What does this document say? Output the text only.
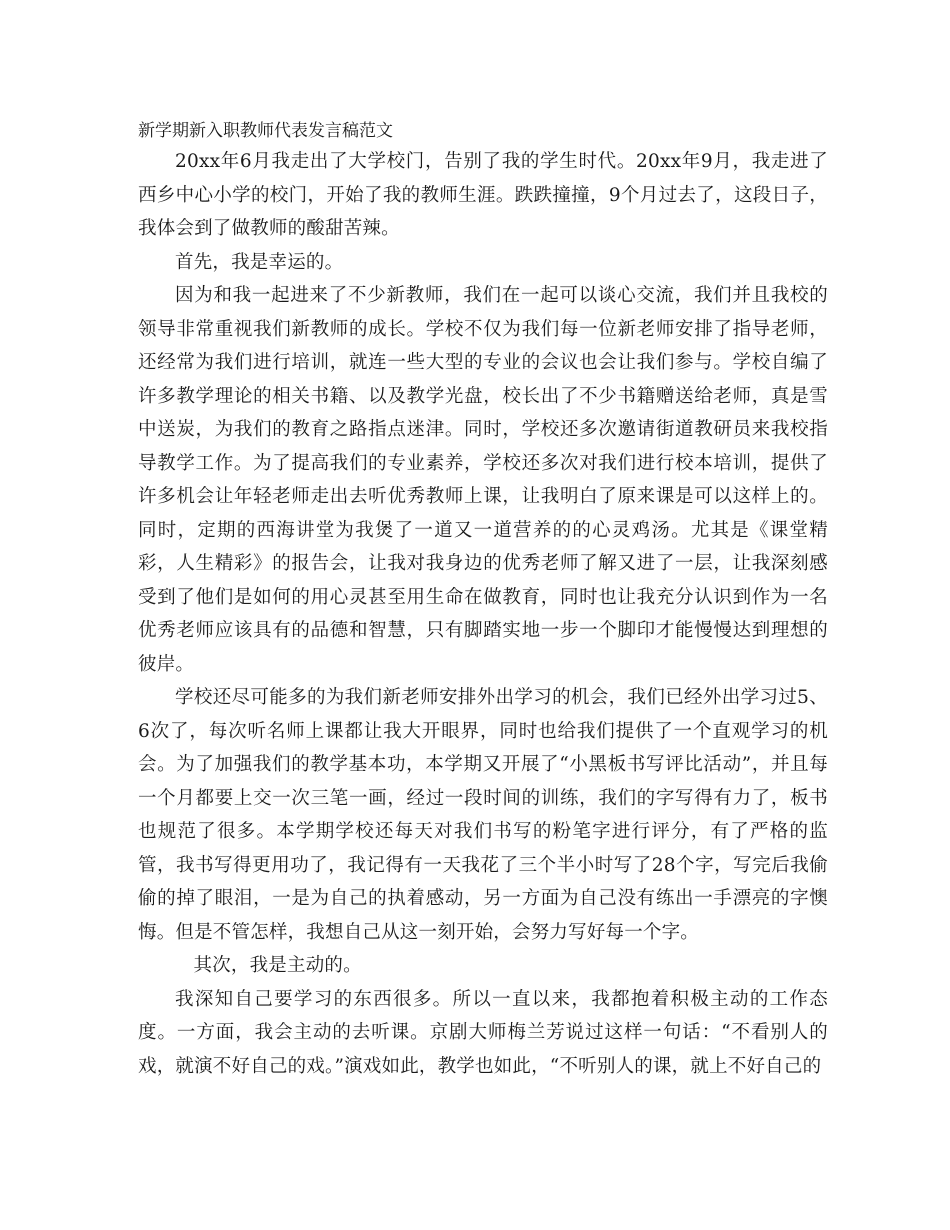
新学期新入职教师代表发言稿范文

20xx年6月我走出了大学校门，告别了我的学生时代。20xx年9月，我走进了西乡中心小学的校门，开始了我的教师生涯。跌跌撞撞，9个月过去了，这段日子，我体会到了做教师的酸甜苦辣。

首先，我是幸运的。

因为和我一起进来了不少新教师，我们在一起可以谈心交流，我们并且我校的领导非常重视我们新教师的成长。学校不仅为我们每一位新老师安排了指导老师，还经常为我们进行培训，就连一些大型的专业的会议也会让我们参与。学校自编了许多教学理论的相关书籍、以及教学光盘，校长出了不少书籍赠送给老师，真是雪中送炭，为我们的教育之路指点迷津。同时，学校还多次邀请街道教研员来我校指导教学工作。为了提高我们的专业素养，学校还多次对我们进行校本培训，提供了许多机会让年轻老师走出去听优秀教师上课，让我明白了原来课是可以这样上的。同时，定期的西海讲堂为我煲了一道又一道营养的的心灵鸡汤。尤其是《课堂精彩，人生精彩》的报告会，让我对我身边的优秀老师了解又进了一层，让我深刻感受到了他们是如何的用心灵甚至用生命在做教育，同时也让我充分认识到作为一名优秀老师应该具有的品德和智慧，只有脚踏实地一步一个脚印才能慢慢达到理想的彼岸。

学校还尽可能多的为我们新老师安排外出学习的机会，我们已经外出学习过5、6次了，每次听名师上课都让我大开眼界，同时也给我们提供了一个直观学习的机会。为了加强我们的教学基本功，本学期又开展了“小黑板书写评比活动”，并且每一个月都要上交一次三笔一画，经过一段时间的训练，我们的字写得有力了，板书也规范了很多。本学期学校还每天对我们书写的粉笔字进行评分，有了严格的监管，我书写得更用功了，我记得有一天我花了三个半小时写了28个字，写完后我偷偷的掉了眼泪，一是为自己的执着感动，另一方面为自己没有练出一手漂亮的字懊悔。但是不管怎样，我想自己从这一刻开始，会努力写好每一个字。

其次，我是主动的。

我深知自己要学习的东西很多。所以一直以来，我都抱着积极主动的工作态度。一方面，我会主动的去听课。京剧大师梅兰芳说过这样一句话：“不看别人的戏，就演不好自己的戏。”演戏如此，教学也如此，“不听别人的课，就上不好自己的
